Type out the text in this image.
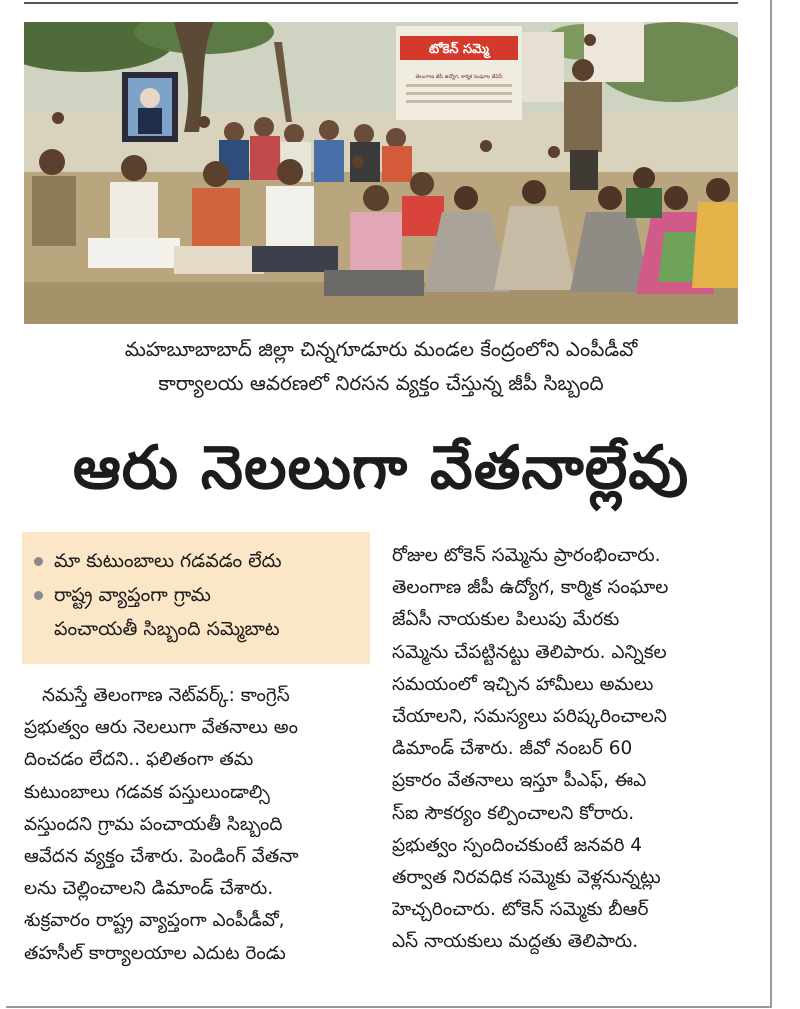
టోకెన్ సమ్మె
తెలంగాణ జీపీ ఉద్యోగ, కార్మిక సంఘాల జేఏసీ
మహబూబాబాద్ జిల్లా చిన్నగూడూరు మండల కేంద్రంలోని ఎంపీడీవో
కార్యాలయ ఆవరణలో నిరసన వ్యక్తం చేస్తున్న జీపీ సిబ్బంది
ఆరు నెలలుగా వేతనాల్లేవు
మా కుటుంబాలు గడవడం లేదు
రాష్ట్ర వ్యాప్తంగా గ్రామ
పంచాయతీ సిబ్బంది సమ్మెబాట
నమస్తే తెలంగాణ నెట్‌వర్క్‌: కాంగ్రెస్‌
ప్రభుత్వం ఆరు నెలలుగా వేతనాలు అం
దించడం లేదని.. ఫలితంగా తమ
కుటుంబాలు గడవక పస్తులుండాల్సి
వస్తుందని గ్రామ పంచాయతీ సిబ్బంది
ఆవేదన వ్యక్తం చేశారు. పెండింగ్‌ వేతనా
లను చెల్లించాలని డిమాండ్‌ చేశారు.
శుక్రవారం రాష్ట్ర వ్యాప్తంగా ఎంపీడీవో,
తహసీల్‌ కార్యాలయాల ఎదుట రెండు
రోజుల టోకెన్‌ సమ్మెను ప్రారంభించారు.
తెలంగాణ జీపీ ఉద్యోగ, కార్మిక సంఘాల
జేఏసీ నాయకుల పిలుపు మేరకు
సమ్మెను చేపట్టినట్టు తెలిపారు. ఎన్నికల
సమయంలో ఇచ్చిన హామీలు అమలు
చేయాలని, సమస్యలు పరిష్కరించాలని
డిమాండ్‌ చేశారు. జీవో నంబర్‌ 60
ప్రకారం వేతనాలు ఇస్తూ పీఎఫ్‌, ఈఎ
స్‌ఐ సౌకర్యం కల్పించాలని కోరారు.
ప్రభుత్వం స్పందించకుంటే జనవరి 4
తర్వాత నిరవధిక సమ్మెకు వెళ్లనున్నట్లు
హెచ్చరించారు. టోకెన్‌ సమ్మెకు బీఆర్‌
ఎస్‌ నాయకులు మద్దతు తెలిపారు.
